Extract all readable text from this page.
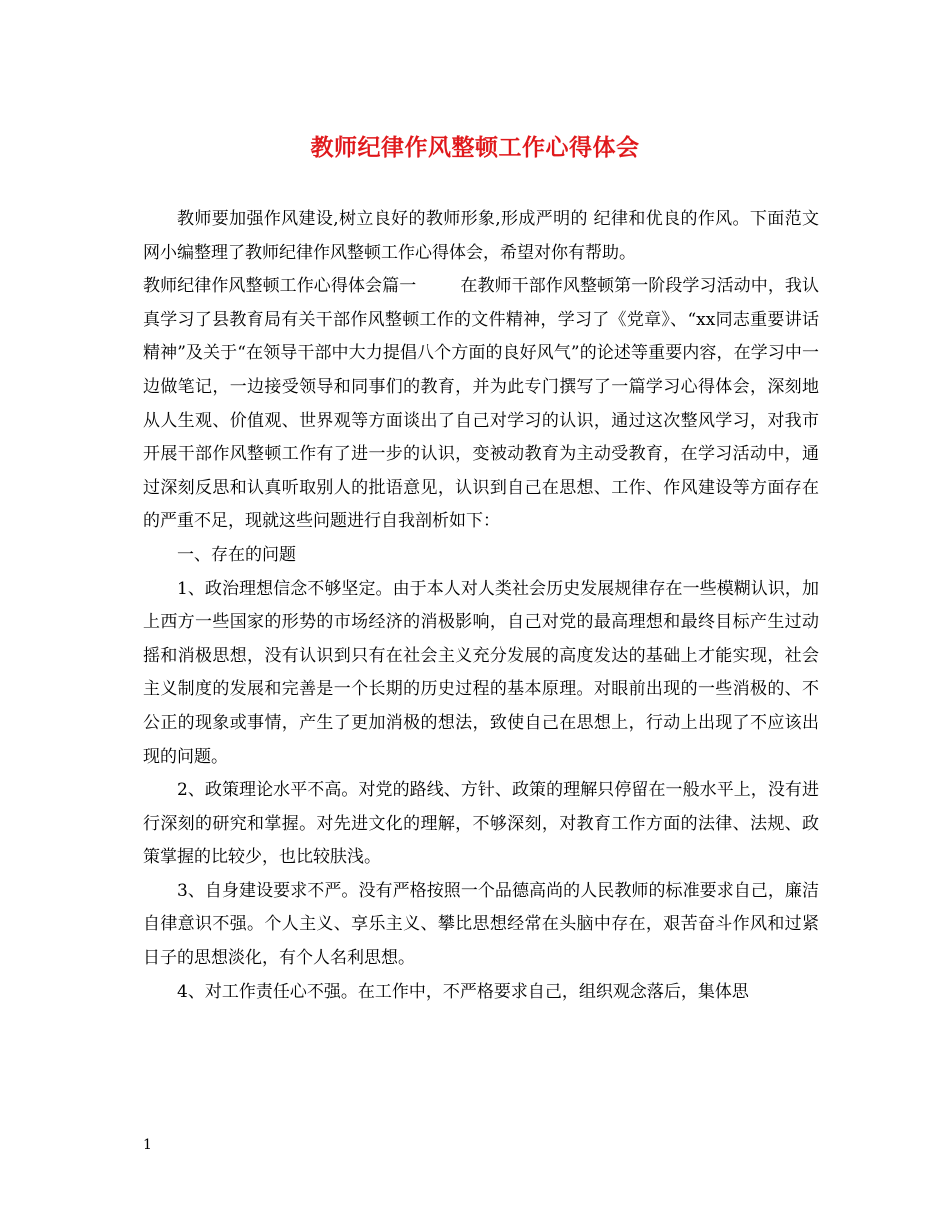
教师纪律作风整顿工作心得体会

教师要加强作风建设,树立良好的教师形象,形成严明的 纪律和优良的作风。下面范文网小编整理了教师纪律作风整顿工作心得体会，希望对你有帮助。

教师纪律作风整顿工作心得体会篇一	在教师干部作风整顿第一阶段学习活动中，我认真学习了县教育局有关干部作风整顿工作的文件精神，学习了《党章》、“xx同志重要讲话精神”及关于“在领导干部中大力提倡八个方面的良好风气”的论述等重要内容，在学习中一边做笔记，一边接受领导和同事们的教育，并为此专门撰写了一篇学习心得体会，深刻地从人生观、价值观、世界观等方面谈出了自己对学习的认识，通过这次整风学习，对我市开展干部作风整顿工作有了进一步的认识，变被动教育为主动受教育，在学习活动中，通过深刻反思和认真听取别人的批语意见，认识到自己在思想、工作、作风建设等方面存在的严重不足，现就这些问题进行自我剖析如下：

一、存在的问题

1、政治理想信念不够坚定。由于本人对人类社会历史发展规律存在一些模糊认识，加上西方一些国家的形势的市场经济的消极影响，自己对党的最高理想和最终目标产生过动摇和消极思想，没有认识到只有在社会主义充分发展的高度发达的基础上才能实现，社会主义制度的发展和完善是一个长期的历史过程的基本原理。对眼前出现的一些消极的、不公正的现象或事情，产生了更加消极的想法，致使自己在思想上，行动上出现了不应该出现的问题。

2、政策理论水平不高。对党的路线、方针、政策的理解只停留在一般水平上，没有进行深刻的研究和掌握。对先进文化的理解，不够深刻，对教育工作方面的法律、法规、政策掌握的比较少，也比较肤浅。

3、自身建设要求不严。没有严格按照一个品德高尚的人民教师的标准要求自己，廉洁自律意识不强。个人主义、享乐主义、攀比思想经常在头脑中存在，艰苦奋斗作风和过紧日子的思想淡化，有个人名利思想。

4、对工作责任心不强。在工作中，不严格要求自己，组织观念落后，集体思

1
